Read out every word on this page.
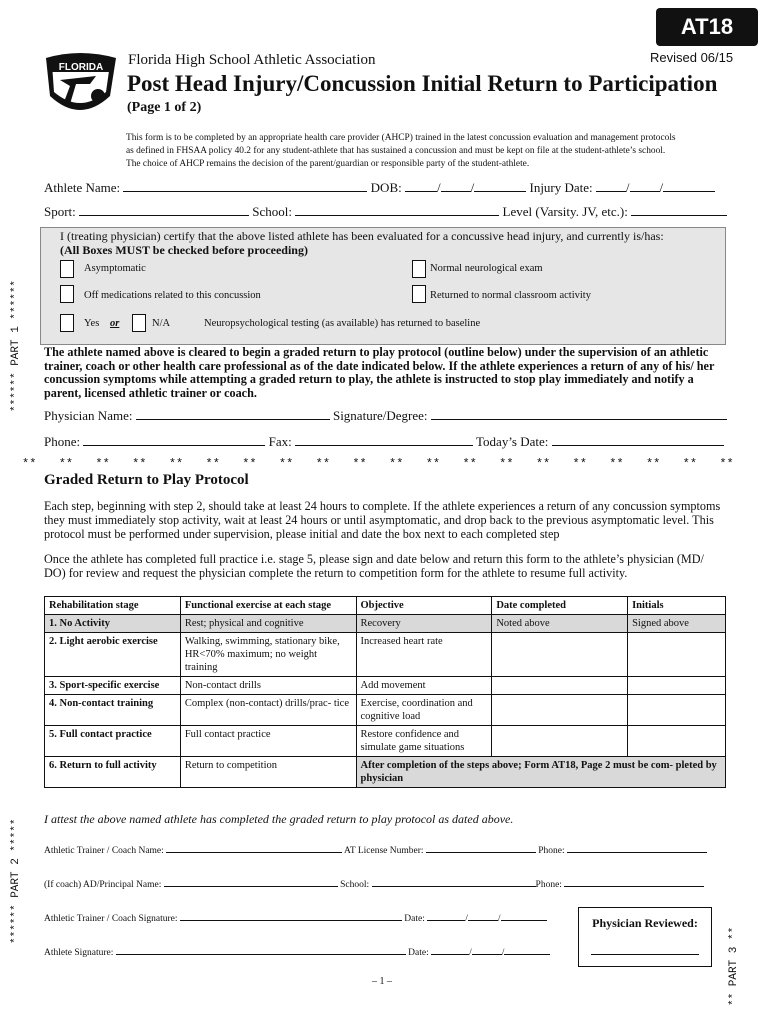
AT18
FLORIDA Florida High School Athletic Association	Revised 06/15
Post Head Injury/Concussion Initial Return to Participation
(Page 1 of 2)
This form is to be completed by an appropriate health care provider (AHCP) trained in the latest concussion evaluation and management protocols
as defined in FHSAA policy 40.2 for any student-athlete that has sustained a concussion and must be kept on file at the student-athlete’s school.
The choice of AHCP remains the decision of the parent/guardian or responsible party of the student-athlete.
Athlete Name:	DOB:	/ /	Injury Date:	/ /
Sport:	School:	Level (Varsity. JV, etc.):
I (treating physician) certify that the above listed athlete has been evaluated for a concussive head injury, and currently is/has:
(All Boxes MUST be checked before proceeding)
Asymptomatic	Normal neurological exam
Off medications related to this concussion	Returned to normal classroom activity
Yes or	N/A	Neuropsychological testing (as available) has returned to baseline
The athlete named above is cleared to begin a graded return to play protocol (outline below) under the supervision of an athletic trainer, coach or other health care professional as of the date indicated below. If the athlete experiences a return of any of his/ her concussion symptoms while attempting a graded return to play, the athlete is instructed to stop play immediately and notify a parent, licensed athletic trainer or coach.
Physician Name:	Signature/Degree:
Phone:	Fax:	Today’s Date:
****** PART 1 ******
** ** ** ** ** ** ** ** ** ** ** ** ** ** ** ** ** ** ** **
Graded Return to Play Protocol
Each step, beginning with step 2, should take at least 24 hours to complete. If the athlete experiences a return of any concussion symptoms they must immediately stop activity, wait at least 24 hours or until asymptomatic, and drop back to the previous asymptomatic level. This protocol must be performed under supervision, please initial and date the box next to each completed step
Once the athlete has completed full practice i.e. stage 5, please sign and date below and return this form to the athlete’s physician (MD/ DO) for review and request the physician complete the return to competition form for the athlete to resume full activity.
Rehabilitation stage	Functional exercise at each stage	Objective	Date completed	Initials
1. No Activity	Rest; physical and cognitive	Recovery	Noted above	Signed above
2. Light aerobic exercise	Walking, swimming, stationary bike, HR<70% maximum; no weight training	Increased heart rate		
3. Sport-specific exercise	Non-contact drills	Add movement		
4. Non-contact training	Complex (non-contact) drills/prac- tice	Exercise, coordination and cognitive load		
5. Full contact practice	Full contact practice	Restore confidence and simulate game situations		
6. Return to full activity	Return to competition	After completion of the steps above; Form AT18, Page 2 must be com- pleted by physician		
****** PART 2 ***** I attest the above named athlete has completed the graded return to play protocol as dated above.
Athletic Trainer / Coach Name:	AT License Number:	Phone:
(If coach) AD/Principal Name:	School:	Phone:
Athletic Trainer / Coach Signature:	Date:	/	/
Athlete Signature:	Date:	/	/
Physician Reviewed:
** PART 3 **
– 1 –
